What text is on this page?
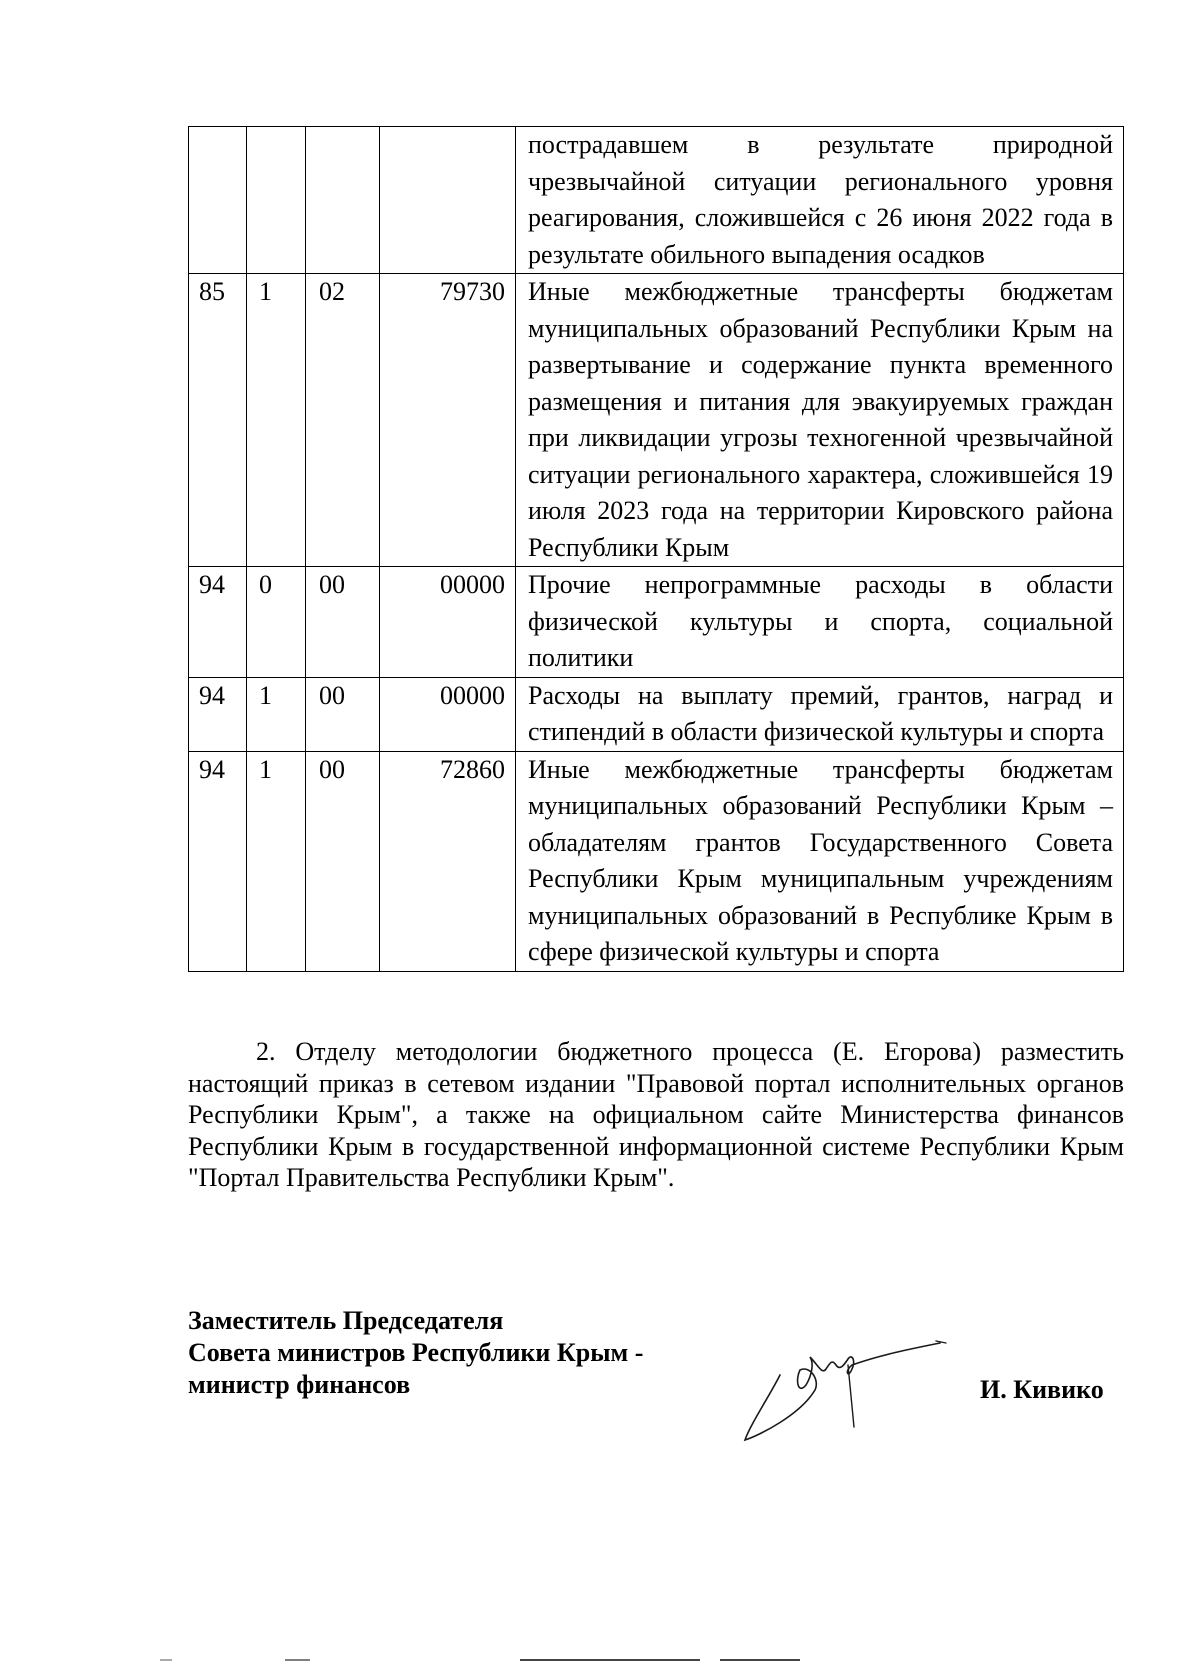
				пострадавшем в результате природной чрезвычайной ситуации регионального уровня реагирования, сложившейся с 26 июня 2022 года в результате обильного выпадения осадков
85	1	02	79730	Иные межбюджетные трансферты бюджетам муниципальных образований Республики Крым на развертывание и содержание пункта временного размещения и питания для эвакуируемых граждан при ликвидации угрозы техногенной чрезвычайной ситуации регионального характера, сложившейся 19 июля 2023 года на территории Кировского района Республики Крым
94	0	00	00000	Прочие непрограммные расходы в области физической культуры и спорта, социальной политики
94	1	00	00000	Расходы на выплату премий, грантов, наград и стипендий в области физической культуры и спорта
94	1	00	72860	Иные межбюджетные трансферты бюджетам муниципальных образований Республики Крым – обладателям грантов Государственного Совета Республики Крым муниципальным учреждениям муниципальных образований в Республике Крым в сфере физической культуры и спорта

2. Отделу методологии бюджетного процесса (Е. Егорова) разместить настоящий приказ в сетевом издании "Правовой портал исполнительных органов Республики Крым", а также на официальном сайте Министерства финансов Республики Крым в государственной информационной системе Республики Крым "Портал Правительства Республики Крым".

Заместитель Председателя
Совета министров Республики Крым -
министр финансов	И. Кивико
